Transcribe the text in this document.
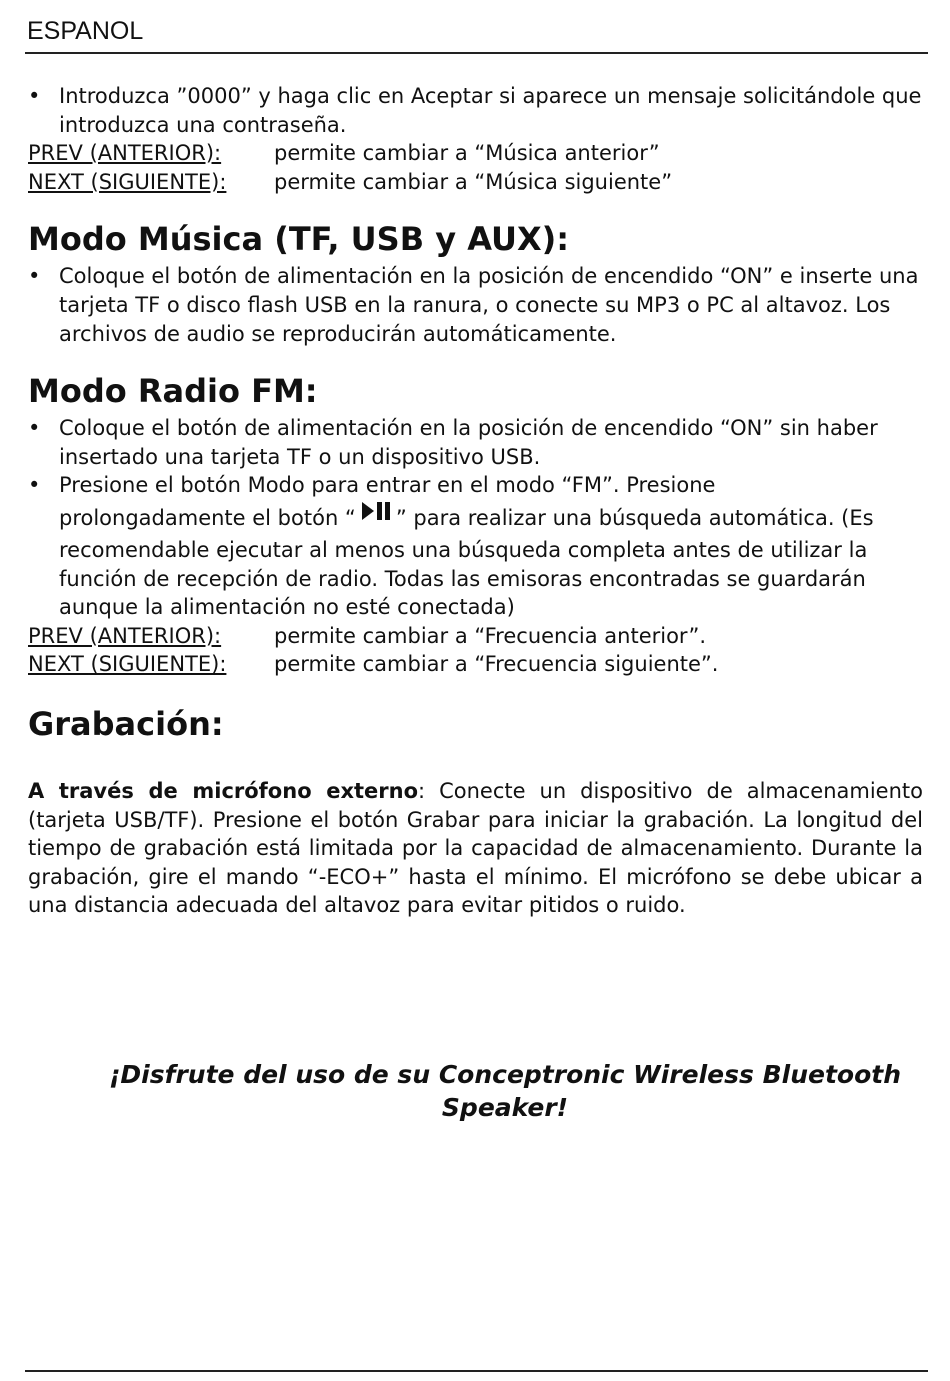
ESPANOL

• Introduzca ”0000” y haga clic en Aceptar si aparece un mensaje solicitándole que introduzca una contraseña.

PREV (ANTERIOR):	permite cambiar a “Música anterior”
NEXT (SIGUIENTE):	permite cambiar a “Música siguiente”
Modo Música (TF, USB y AUX):

• Coloque el botón de alimentación en la posición de encendido “ON” e inserte una tarjeta TF o disco flash USB en la ranura, o conecte su MP3 o PC al altavoz. Los archivos de audio se reproducirán automáticamente.

Modo Radio FM:

• Coloque el botón de alimentación en la posición de encendido “ON” sin haber insertado una tarjeta TF o un dispositivo USB.

• Presione el botón Modo para entrar en el modo “FM”. Presione
prolongadamente el botón “ ” para realizar una búsqueda automática. (Es recomendable ejecutar al menos una búsqueda completa antes de utilizar la función de recepción de radio. Todas las emisoras encontradas se guardarán aunque la alimentación no esté conectada)
PREV (ANTERIOR):	permite cambiar a “Frecuencia anterior”.
NEXT (SIGUIENTE):	permite cambiar a “Frecuencia siguiente”.
Grabación:

A través de micrófono externo: Conecte un dispositivo de almacenamiento (tarjeta USB/TF). Presione el botón Grabar para iniciar la grabación. La longitud del tiempo de grabación está limitada por la capacidad de almacenamiento. Durante la grabación, gire el mando “-ECO+” hasta el mínimo. El micrófono se debe ubicar a una distancia adecuada del altavoz para evitar pitidos o ruido.

¡Disfrute del uso de su Conceptronic Wireless Bluetooth
Speaker!
